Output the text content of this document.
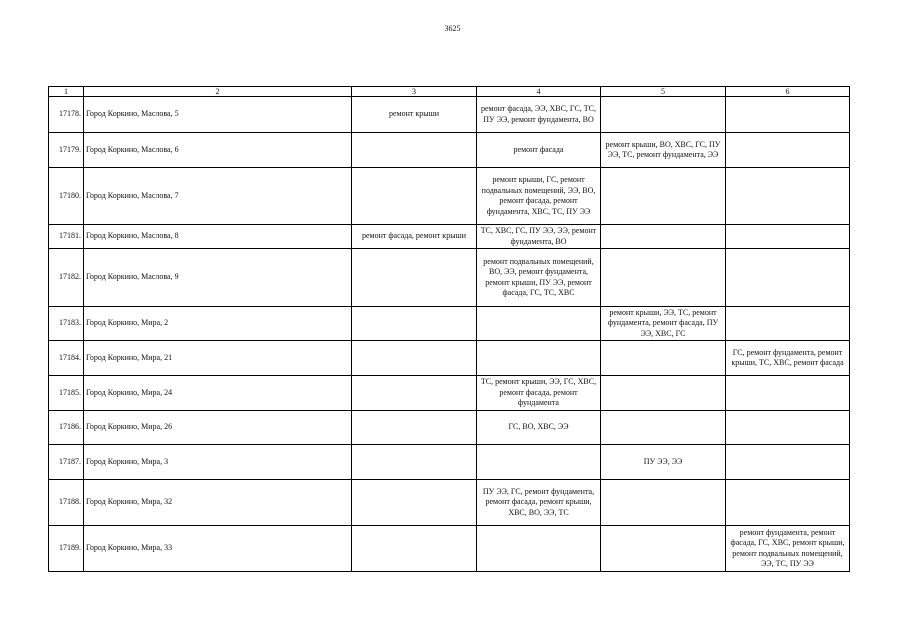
3625
1	2	3	4	5	6
17178.	Город Коркино, Маслова, 5	ремонт крыши	ремонт фасада, ЭЭ, ХВС, ГС, ТС, ПУ ЭЭ, ремонт фундамента, ВО		
17179.	Город Коркино, Маслова, 6		ремонт фасада	ремонт крыши, ВО, ХВС, ГС, ПУ ЭЭ, ТС, ремонт фундамента, ЭЭ	
17180.	Город Коркино, Маслова, 7		ремонт крыши, ГС, ремонт подвальных помещений, ЭЭ, ВО, ремонт фасада, ремонт фундамента, ХВС, ТС, ПУ ЭЭ		
17181.	Город Коркино, Маслова, 8	ремонт фасада, ремонт крыши	ТС, ХВС, ГС, ПУ ЭЭ, ЭЭ, ремонт фундамента, ВО		
17182.	Город Коркино, Маслова, 9		ремонт подвальных помещений, ВО, ЭЭ, ремонт фундамента, ремонт крыши, ПУ ЭЭ, ремонт фасада, ГС, ТС, ХВС		
17183.	Город Коркино, Мира, 2			ремонт крыши, ЭЭ, ТС, ремонт фундамента, ремонт фасада, ПУ ЭЭ, ХВС, ГС	
17184.	Город Коркино, Мира, 21				ГС, ремонт фундамента, ремонт крыши, ТС, ХВС, ремонт фасада
17185.	Город Коркино, Мира, 24		ТС, ремонт крыши, ЭЭ, ГС, ХВС, ремонт фасада, ремонт фундамента		
17186.	Город Коркино, Мира, 26		ГС, ВО, ХВС, ЭЭ		
17187.	Город Коркино, Мира, 3			ПУ ЭЭ, ЭЭ	
17188.	Город Коркино, Мира, 32		ПУ ЭЭ, ГС, ремонт фундамента, ремонт фасада, ремонт крыши, ХВС, ВО, ЭЭ, ТС		
17189.	Город Коркино, Мира, 33				ремонт фундамента, ремонт фасада, ГС, ХВС, ремонт крыши, ремонт подвальных помещений, ЭЭ, ТС, ПУ ЭЭ
